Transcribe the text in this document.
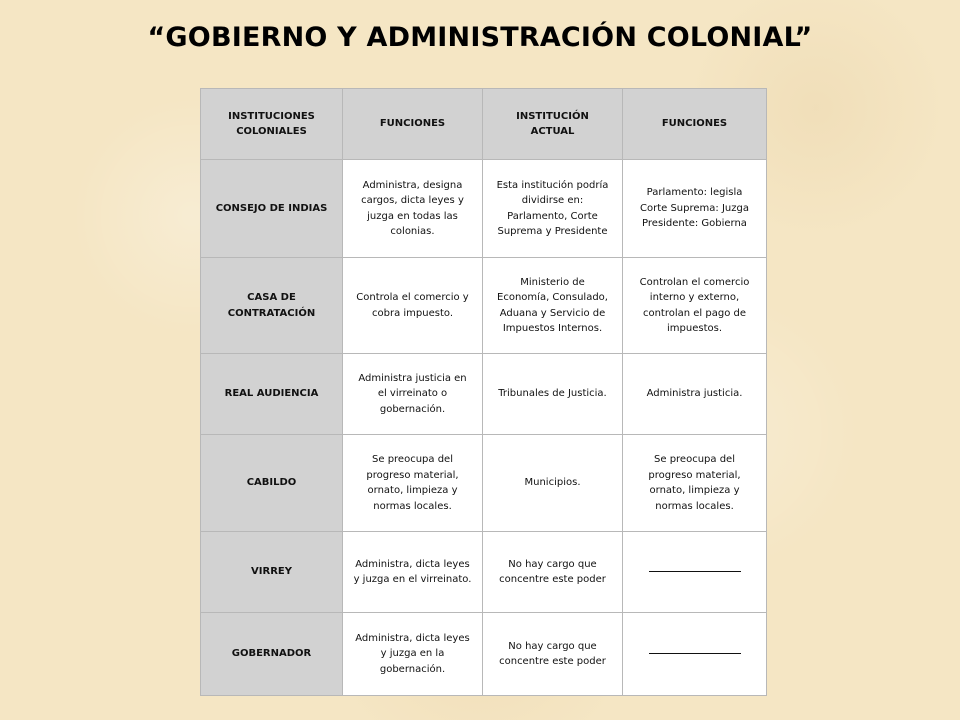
“GOBIERNO Y ADMINISTRACIÓN COLONIAL”
INSTITUCIONES COLONIALES	FUNCIONES	INSTITUCIÓN ACTUAL	FUNCIONES
CONSEJO DE INDIAS	Administra, designa cargos, dicta leyes y juzga en todas las colonias.	Esta institución podría dividirse en: Parlamento, Corte Suprema y Presidente	Parlamento: legisla Corte Suprema: Juzga Presidente: Gobierna
CASA DE CONTRATACIÓN	Controla el comercio y cobra impuesto.	Ministerio de Economía, Consulado, Aduana y Servicio de Impuestos Internos.	Controlan el comercio interno y externo, controlan el pago de impuestos.
REAL AUDIENCIA	Administra justicia en el virreinato o gobernación.	Tribunales de Justicia.	Administra justicia.
CABILDO	Se preocupa del progreso material, ornato, limpieza y normas locales.	Municipios.	Se preocupa del progreso material, ornato, limpieza y normas locales.
VIRREY	Administra, dicta leyes y juzga en el virreinato.	No hay cargo que concentre este poder	
GOBERNADOR	Administra, dicta leyes y juzga en la gobernación.	No hay cargo que concentre este poder	
